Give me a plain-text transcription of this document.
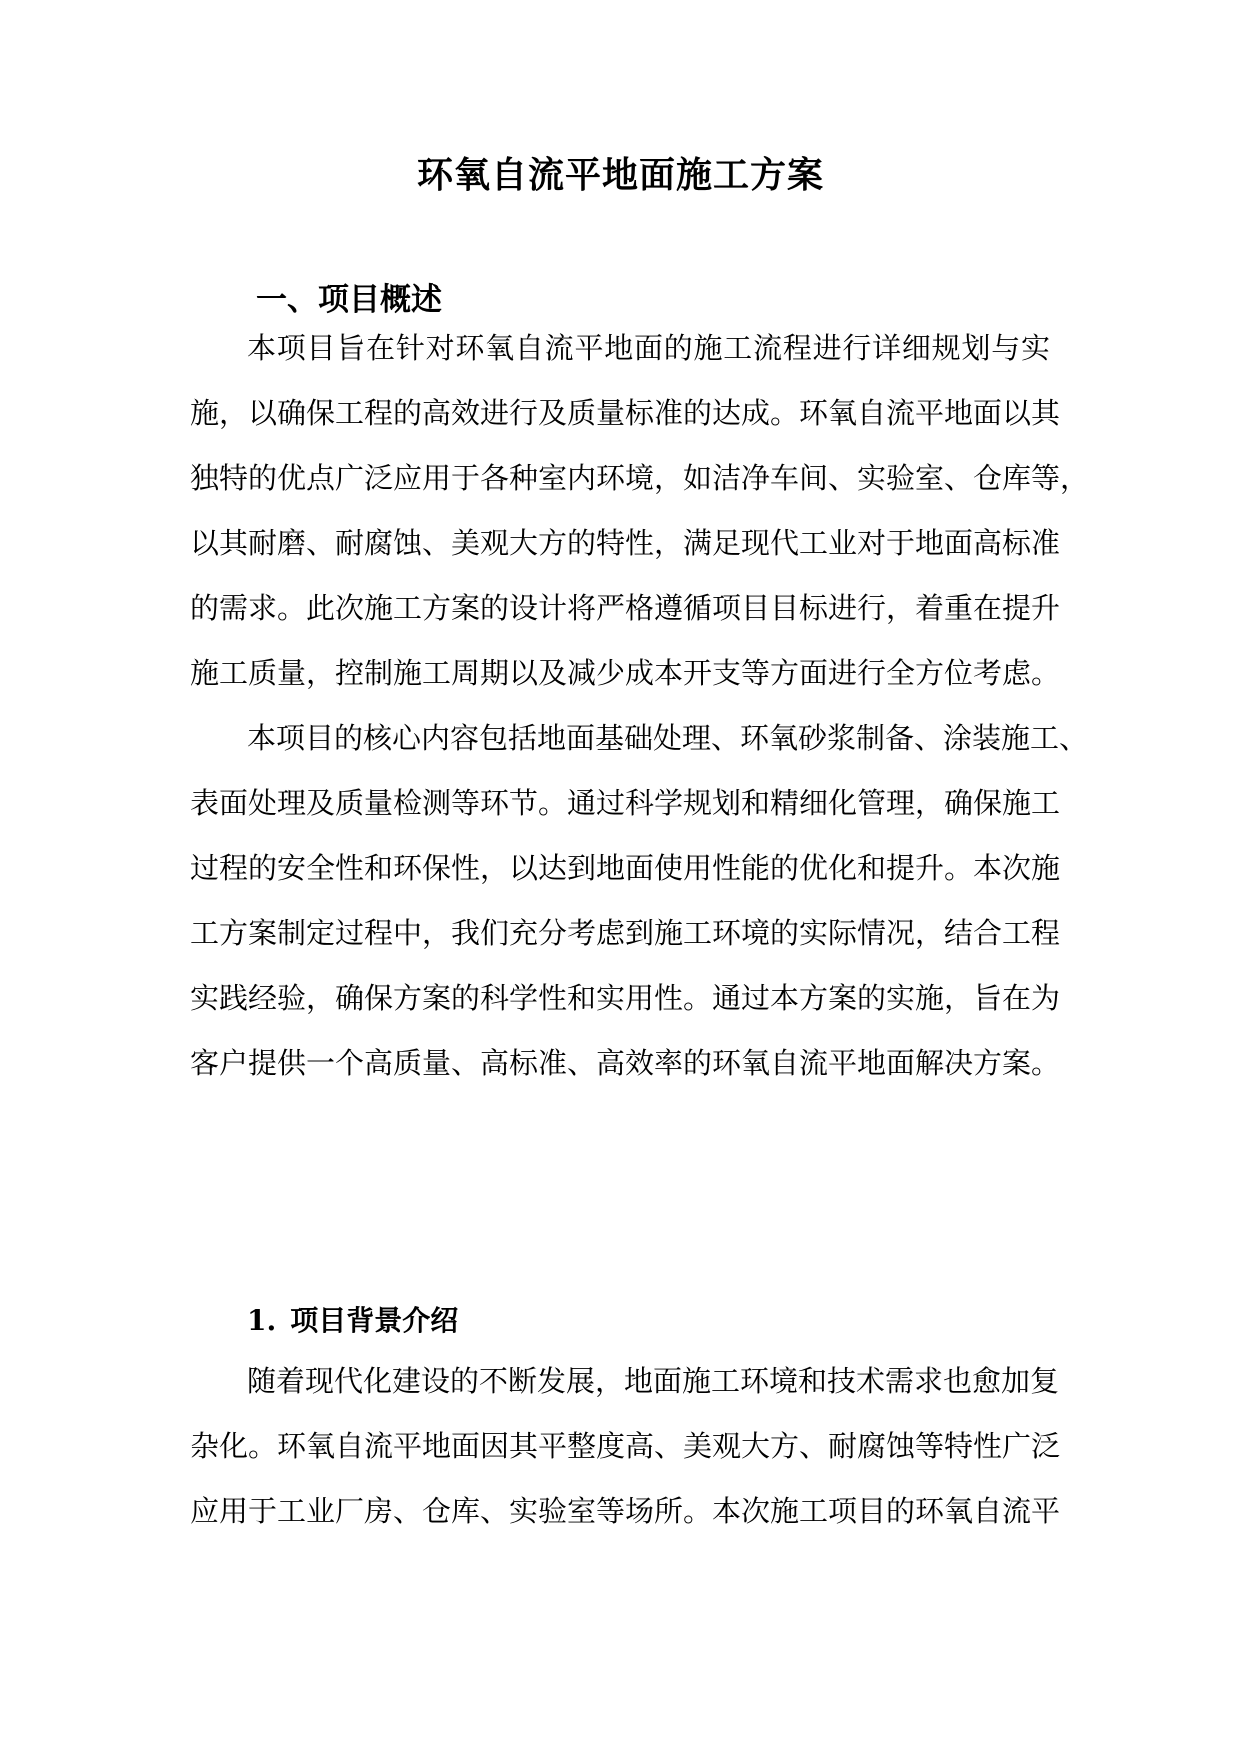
环氧自流平地面施工方案
一、项目概述
本项目旨在针对环氧自流平地面的施工流程进行详细规划与实
施，以确保工程的高效进行及质量标准的达成。环氧自流平地面以其
独特的优点广泛应用于各种室内环境，如洁净车间、实验室、仓库等，
以其耐磨、耐腐蚀、美观大方的特性，满足现代工业对于地面高标准
的需求。此次施工方案的设计将严格遵循项目目标进行，着重在提升
施工质量，控制施工周期以及减少成本开支等方面进行全方位考虑。
本项目的核心内容包括地面基础处理、环氧砂浆制备、涂装施工、
表面处理及质量检测等环节。通过科学规划和精细化管理，确保施工
过程的安全性和环保性，以达到地面使用性能的优化和提升。本次施
工方案制定过程中，我们充分考虑到施工环境的实际情况，结合工程
实践经验，确保方案的科学性和实用性。通过本方案的实施，旨在为
客户提供一个高质量、高标准、高效率的环氧自流平地面解决方案。
1. 项目背景介绍
随着现代化建设的不断发展，地面施工环境和技术需求也愈加复
杂化。环氧自流平地面因其平整度高、美观大方、耐腐蚀等特性广泛
应用于工业厂房、仓库、实验室等场所。本次施工项目的环氧自流平
